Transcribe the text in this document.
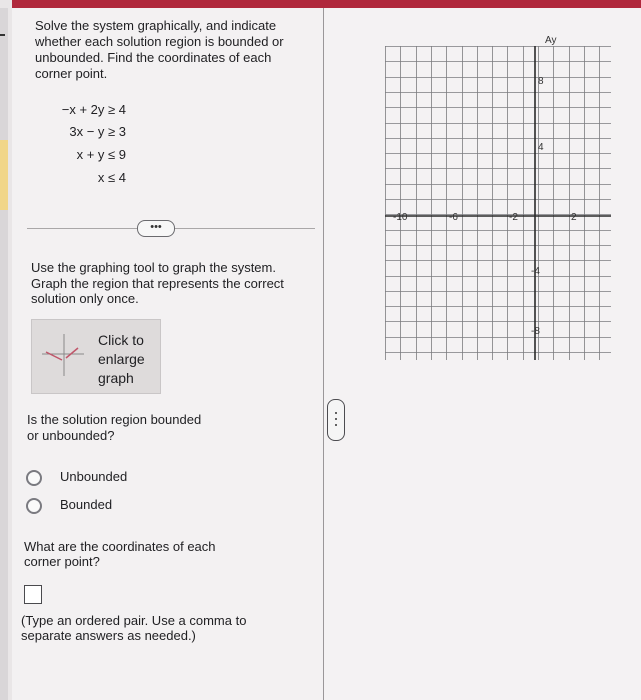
Solve the system graphically, and indicate
whether each solution region is bounded or
unbounded. Find the coordinates of each
corner point.
−x + 2y ≥ 4
3x − y ≥ 3
x + y ≤ 9
x ≤ 4
•••
Use the graphing tool to graph the system.
Graph the region that represents the correct
solution only once.
Click to
enlarge
graph
Is the solution region bounded
or unbounded?
Unbounded
Bounded
What are the coordinates of each
corner point?
(Type an ordered pair. Use a comma to
separate answers as needed.)
Ay
-10	-6	-2	2
8
4
-4
-8
